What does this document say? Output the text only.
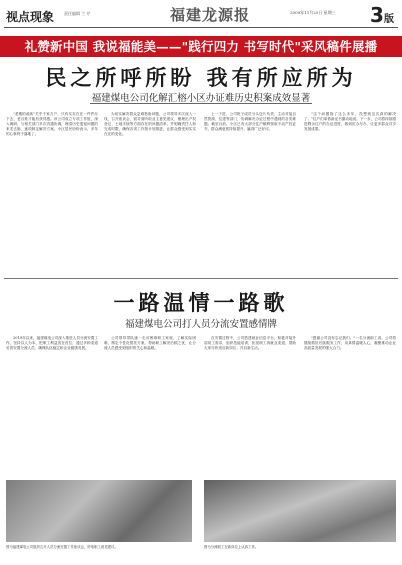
视点现象 责任编辑 兰 芹	福建龙源报	2009年11月25日 星期三 3 版
礼赞新中国 我说福能美——"践行四力 书写时代"采风稿件展播
民之所呼所盼 我有所应所为
福建煤电公司化解汇榕小区办证难历史积案成效显著

"老楼的顽疾"关乎千家万户，只有实实在在一件件办下去，老百姓才能有获得感。该公司成立专项工作组，深入调研，与相关部门多次沟通协调，理清历史遗留问题的来龙去脉，逐项制定解决方案。小区居民纷纷表示，多年的心事终于落地了。

为切实解决群众急难愁盼问题，公司领导多次深入一线，召开座谈会，面对面听取业主意见建议，梳理出产权登记、土地手续等方面存在的问题清单，并明确责任人和完成时限，确保各项工作按计划推进，让群众感受到实实在在的变化。

上一下进，公司班子成员分头包片负责，主动对接自然资源、住建等部门，协调解决办证过程中遇到的各类难题。截至目前，小区已有大部分住户顺利领取不动产权证书，群众满意度持续提升，赢得广泛好评。

"这个问题拖了这么多年，没想到这次真的解决了。"住户们拿着新证书激动地说。下一步，公司将持续跟进剩余住户的办证进度，做到应办尽办，让更多群众共享发展成果。

一路温情一路歌
福建煤电公司打人员分流安置感情牌

2019年以来，福建煤电公司深入推进人员分流安置工作，坚持以人为本，把职工利益放在首位，通过多种渠道妥善安置分流人员，确保队伍稳定和企业健康发展。

公司领导带队逐一走访困难职工家庭，了解实际困难，制定个性化帮扶方案，帮助职工解决后顾之忧，让分流人员感受到组织的关心和温暖。

在安置过程中，公司搭建就业信息平台，积极对接外部用工需求，组织技能培训，拓宽职工再就业渠道，帮助大家尽快适应新岗位、开启新生活。

"感谢公司没有忘记我们。"一名分流职工说。公司将继续做好后续服务工作，用真情温暖人心，凝聚推动企业高质量发展的强大合力。

图为福建煤电公司组织召开人员分流安置工作座谈会，听取职工意见建议。	图为分流职工在新岗位上认真工作。
